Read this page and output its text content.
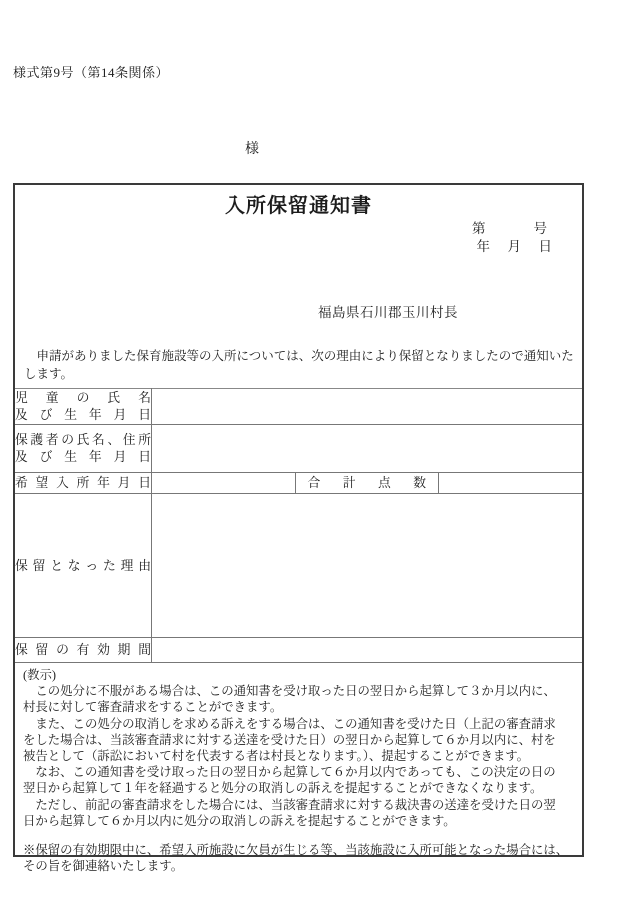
様式第9号（第14条関係）
様
入所保留通知書
第　　号
年　月　日
福島県石川郡玉川村長
　申請がありました保育施設等の入所については、次の理由により保留となりましたので通知いた
します。
児童の氏名
及び生年月日			

保護者の氏名、住所
及び生年月日			

希望入所年月日		合計点数	

保留となった理由			

保留の有効期間			

(教示)
　この処分に不服がある場合は、この通知書を受け取った日の翌日から起算して３か月以内に、
村長に対して審査請求をすることができます。
　また、この処分の取消しを求める訴えをする場合は、この通知書を受けた日（上記の審査請求
をした場合は、当該審査請求に対する送達を受けた日）の翌日から起算して６か月以内に、村を
被告として（訴訟において村を代表する者は村長となります。）、提起することができます。
　なお、この通知書を受け取った日の翌日から起算して６か月以内であっても、この決定の日の
翌日から起算して１年を経過すると処分の取消しの訴えを提起することができなくなります。
　ただし、前記の審査請求をした場合には、当該審査請求に対する裁決書の送達を受けた日の翌
日から起算して６か月以内に処分の取消しの訴えを提起することができます。
※保留の有効期限中に、希望入所施設に欠員が生じる等、当該施設に入所可能となった場合には、
その旨を御連絡いたします。
